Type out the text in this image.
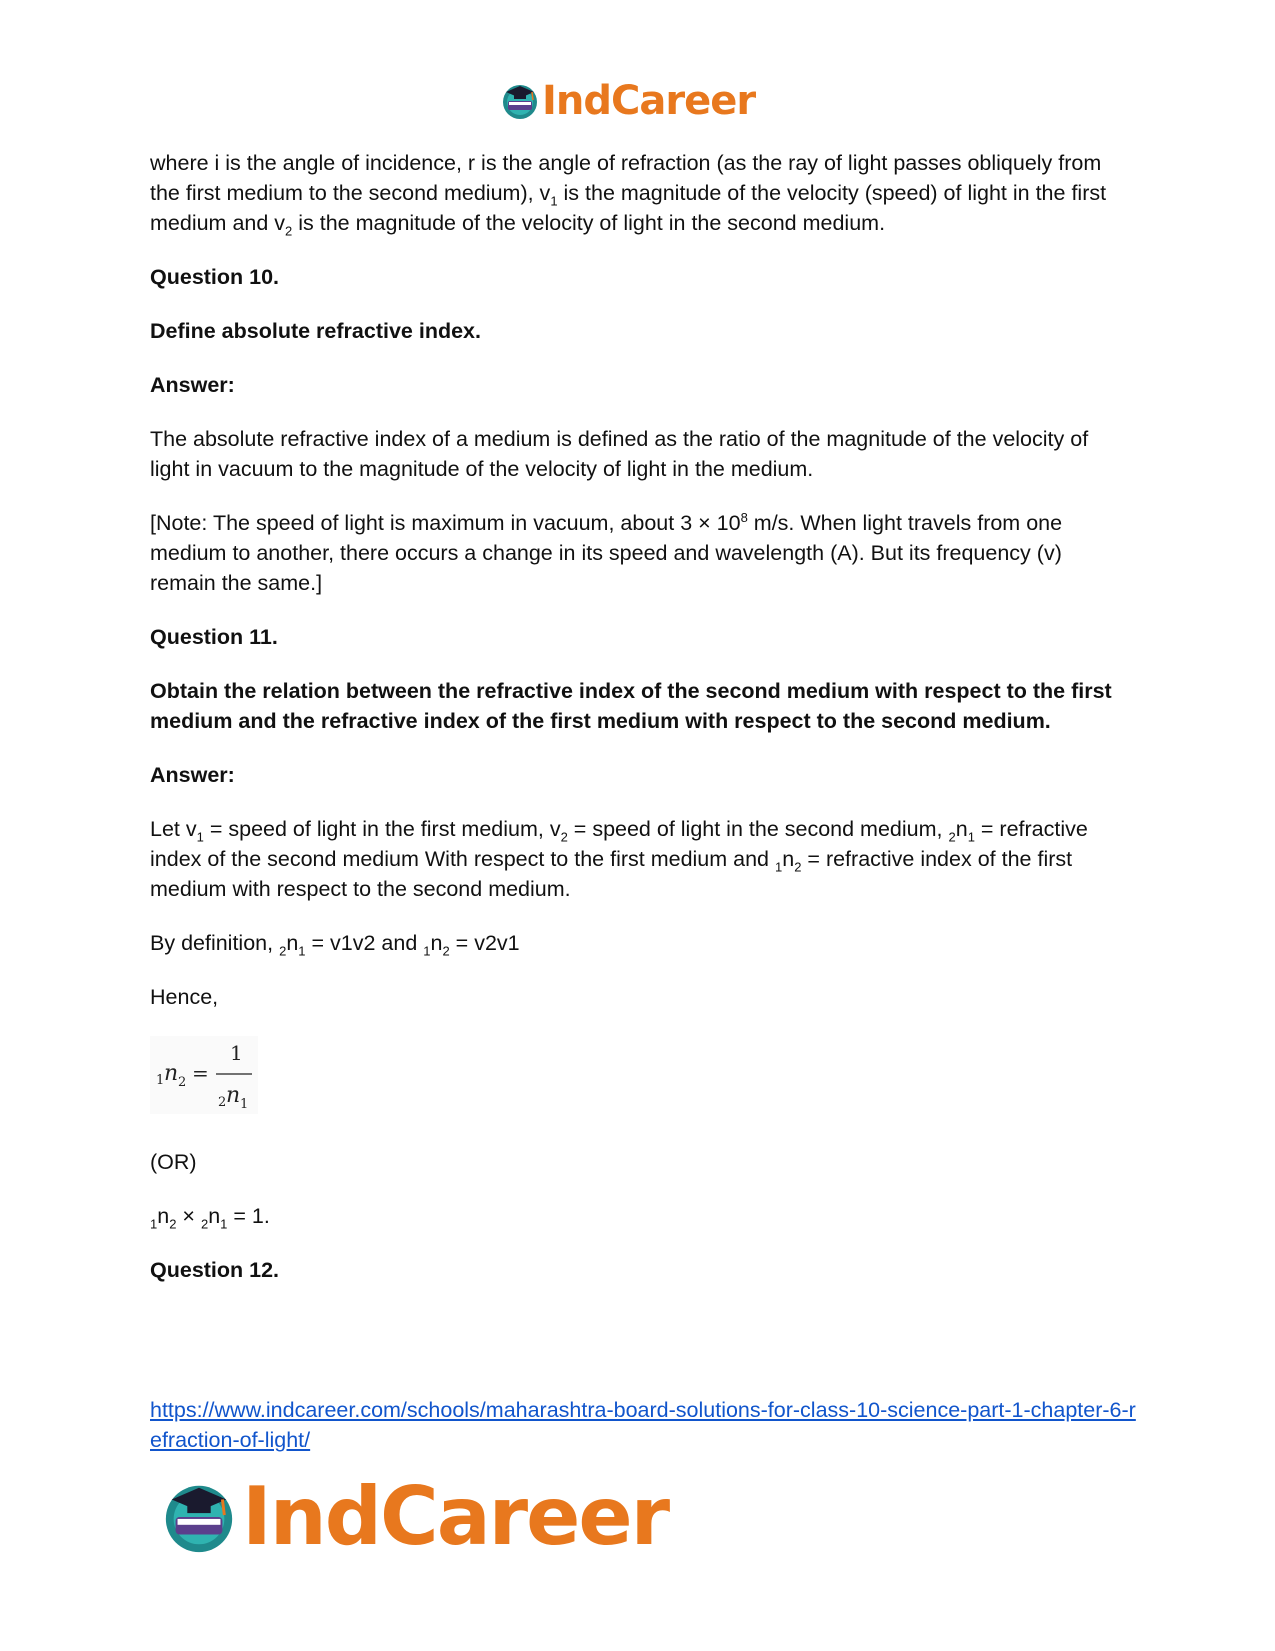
IndCareer

where i is the angle of incidence, r is the angle of refraction (as the ray of light passes obliquely from the first medium to the second medium), $v_1$ is the magnitude of the velocity (speed) of light in the first medium and $v_2$ is the magnitude of the velocity of light in the second medium.

Question 10.

Define absolute refractive index.

Answer:

The absolute refractive index of a medium is defined as the ratio of the magnitude of the velocity of light in vacuum to the magnitude of the velocity of light in the medium.

[Note: The speed of light is maximum in vacuum, about $3 \times 10^8$ m/s. When light travels from one medium to another, there occurs a change in its speed and wavelength (A). But its frequency (v) remain the same.]

Question 11.

Obtain the relation between the refractive index of the second medium with respect to the first medium and the refractive index of the first medium with respect to the second medium.

Answer:

Let $v_1$ = speed of light in the first medium, $v_2$ = speed of light in the second medium, $_2n_1$ = refractive index of the second medium With respect to the first medium and $_1n_2$ = refractive index of the first medium with respect to the second medium.

By definition, $_2n_1 = v1v2$ and $_1n_2 = v2v1$

Hence,

1 n 2 =
1
2 n 1

(OR)

$_1n_2 \times _2n_1 = 1$.

Question 12.

https://www.indcareer.com/schools/maharashtra-board-solutions-for-class-10-science-part-1-chapter-6-refraction-of-light/
IndCareer
